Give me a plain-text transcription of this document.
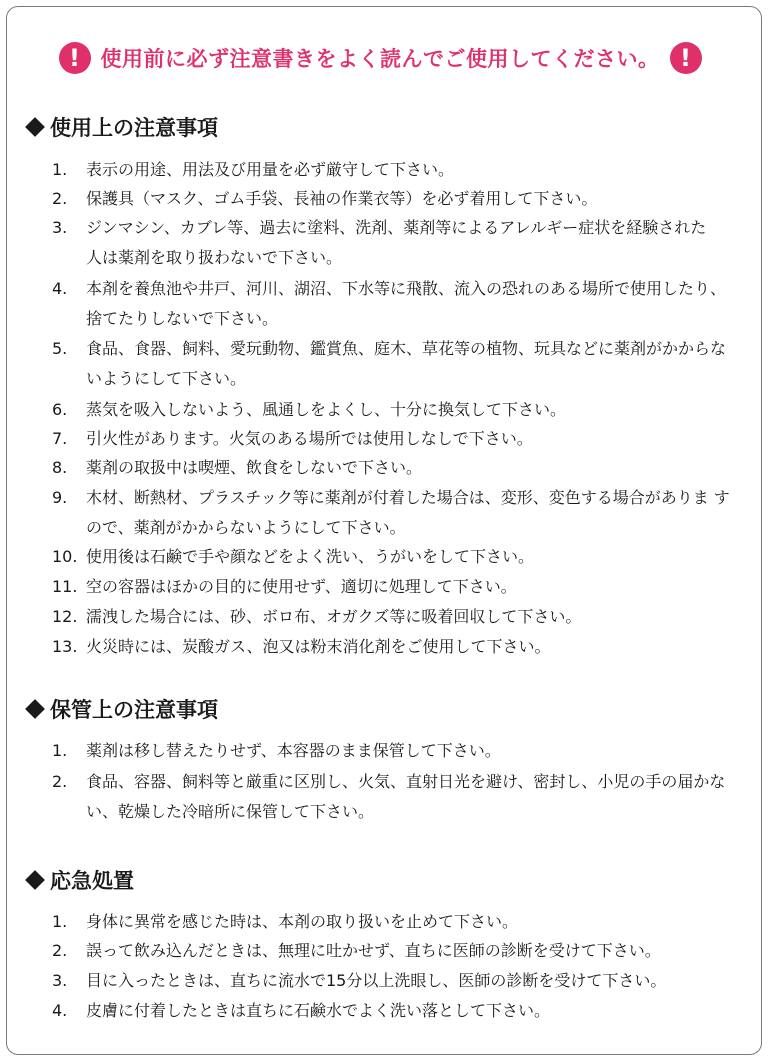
! 使用前に必ず注意書きをよく読んでご使用してください。 !
使用上の注意事項
1.	表示の用途、用法及び用量を必ず厳守して下さい。
2.	保護具（マスク、ゴム手袋、長袖の作業衣等）を必ず着用して下さい。
3.	ジンマシン、カブレ等、過去に塗料、洗剤、薬剤等によるアレルギー症状を経験された
人は薬剤を取り扱わないで下さい。
4.	本剤を養魚池や井戸、河川、湖沼、下水等に飛散、流入の恐れのある場所で使用したり、
捨てたりしないで下さい。
5.	食品、食器、飼料、愛玩動物、鑑賞魚、庭木、草花等の植物、玩具などに薬剤がかからな
いようにして下さい。
6.	蒸気を吸入しないよう、風通しをよくし、十分に換気して下さい。
7.	引火性があります。火気のある場所では使用しなしで下さい。
8.	薬剤の取扱中は喫煙、飲食をしないで下さい。
9.	木材、断熱材、プラスチック等に薬剤が付着した場合は、変形、変色する場合がありま す
ので、薬剤がかからないようにして下さい。
10. 使用後は石鹸で手や顔などをよく洗い、うがいをして下さい。
11. 空の容器はほかの目的に使用せず、適切に処理して下さい。
12. 濡洩した場合には、砂、ボロ布、オガクズ等に吸着回収して下さい。
13. 火災時には、炭酸ガス、泡又は粉末消化剤をご使用して下さい。
保管上の注意事項
1.	薬剤は移し替えたりせず、本容器のまま保管して下さい。
2.	食品、容器、飼料等と厳重に区別し、火気、直射日光を避け、密封し、小児の手の届かな
い、乾燥した冷暗所に保管して下さい。
応急処置
1.	身体に異常を感じた時は、本剤の取り扱いを止めて下さい。
2.	誤って飲み込んだときは、無理に吐かせず、直ちに医師の診断を受けて下さい。
3.	目に入ったときは、直ちに流水で15分以上洗眼し、医師の診断を受けて下さい。
4.	皮膚に付着したときは直ちに石鹸水でよく洗い落として下さい。
